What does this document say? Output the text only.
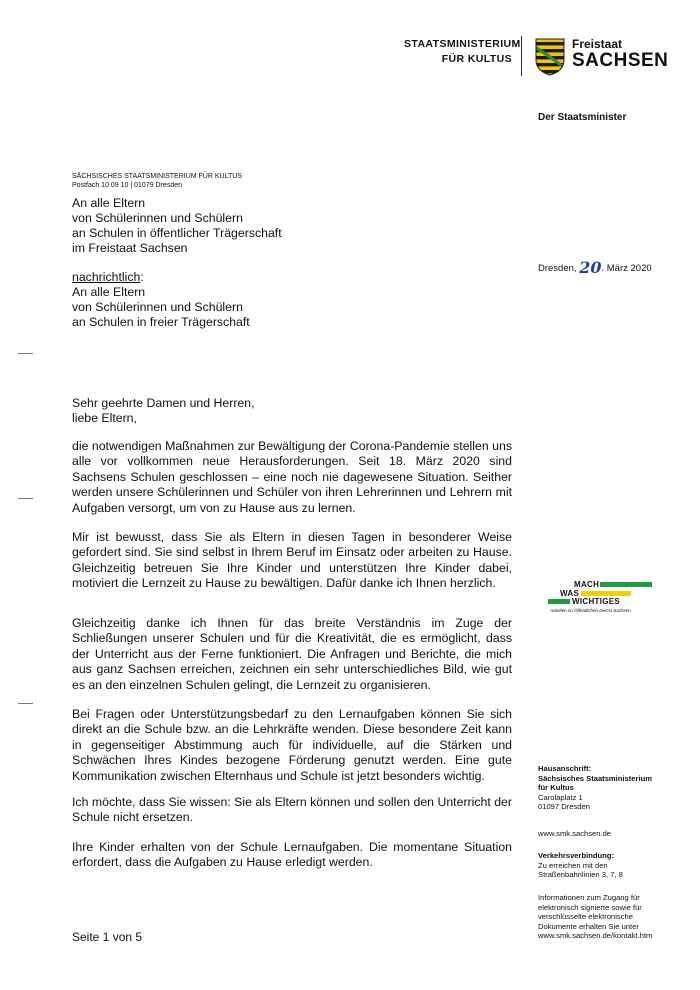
STAATSMINISTERIUM
FÜR KULTUS
Freistaat
SACHSEN
Der Staatsminister
SÄCHSISCHES STAATSMINISTERIUM FÜR KULTUS
Postfach 10 09 10 | 01079 Dresden
An alle Eltern
von Schülerinnen und Schülern
an Schulen in öffentlicher Trägerschaft
im Freistaat Sachsen
nachrichtlich:
An alle Eltern
von Schülerinnen und Schülern
an Schulen in freier Trägerschaft
Dresden, 20. März 2020
Sehr geehrte Damen und Herren,
liebe Eltern,

die notwendigen Maßnahmen zur Bewältigung der Corona-Pandemie stellen uns alle vor vollkommen neue Herausforderungen. Seit 18. März 2020 sind Sachsens Schulen geschlossen – eine noch nie dagewesene Situation. Seither werden unsere Schülerinnen und Schüler von ihren Lehrerinnen und Lehrern mit Aufgaben versorgt, um von zu Hause aus zu lernen.

Mir ist bewusst, dass Sie als Eltern in diesen Tagen in besonderer Weise gefordert sind. Sie sind selbst in Ihrem Beruf im Einsatz oder arbeiten zu Hause. Gleichzeitig betreuen Sie Ihre Kinder und unterstützen Ihre Kinder dabei, motiviert die Lernzeit zu Hause zu bewältigen. Dafür danke ich Ihnen herzlich.

Gleichzeitig danke ich Ihnen für das breite Verständnis im Zuge der Schließungen unserer Schulen und für die Kreativität, die es ermöglicht, dass der Unterricht aus der Ferne funktioniert. Die Anfragen und Berichte, die mich aus ganz Sachsen erreichen, zeichnen ein sehr unterschiedliches Bild, wie gut es an den einzelnen Schulen gelingt, die Lernzeit zu organisieren.

Bei Fragen oder Unterstützungsbedarf zu den Lernaufgaben können Sie sich direkt an die Schule bzw. an die Lehrkräfte wenden. Diese besondere Zeit kann in gegenseitiger Abstimmung auch für individuelle, auf die Stärken und Schwächen Ihres Kindes bezogene Förderung genutzt werden. Eine gute Kommunikation zwischen Elternhaus und Schule ist jetzt besonders wichtig.

Ich möchte, dass Sie wissen: Sie als Eltern können und sollen den Unterricht der Schule nicht ersetzen.

Ihre Kinder erhalten von der Schule Lernaufgaben. Die momentane Situation erfordert, dass die Aufgaben zu Hause erledigt werden.

Seite 1 von 5
MACH
WAS
WICHTIGES
Arbeiten im Öffentlichen Dienst Sachsen
Hausanschrift:
Sächsisches Staatsministerium
für Kultus
Carolaplatz 1
01097 Dresden
www.smk.sachsen.de
Verkehrsverbindung:
Zu erreichen mit den
Straßenbahnlinien 3, 7, 8
Informationen zum Zugang für
elektronisch signierte sowie für
verschlüsselte elektronische
Dokumente erhalten Sie unter
www.smk.sachsen.de/kontakt.htm
